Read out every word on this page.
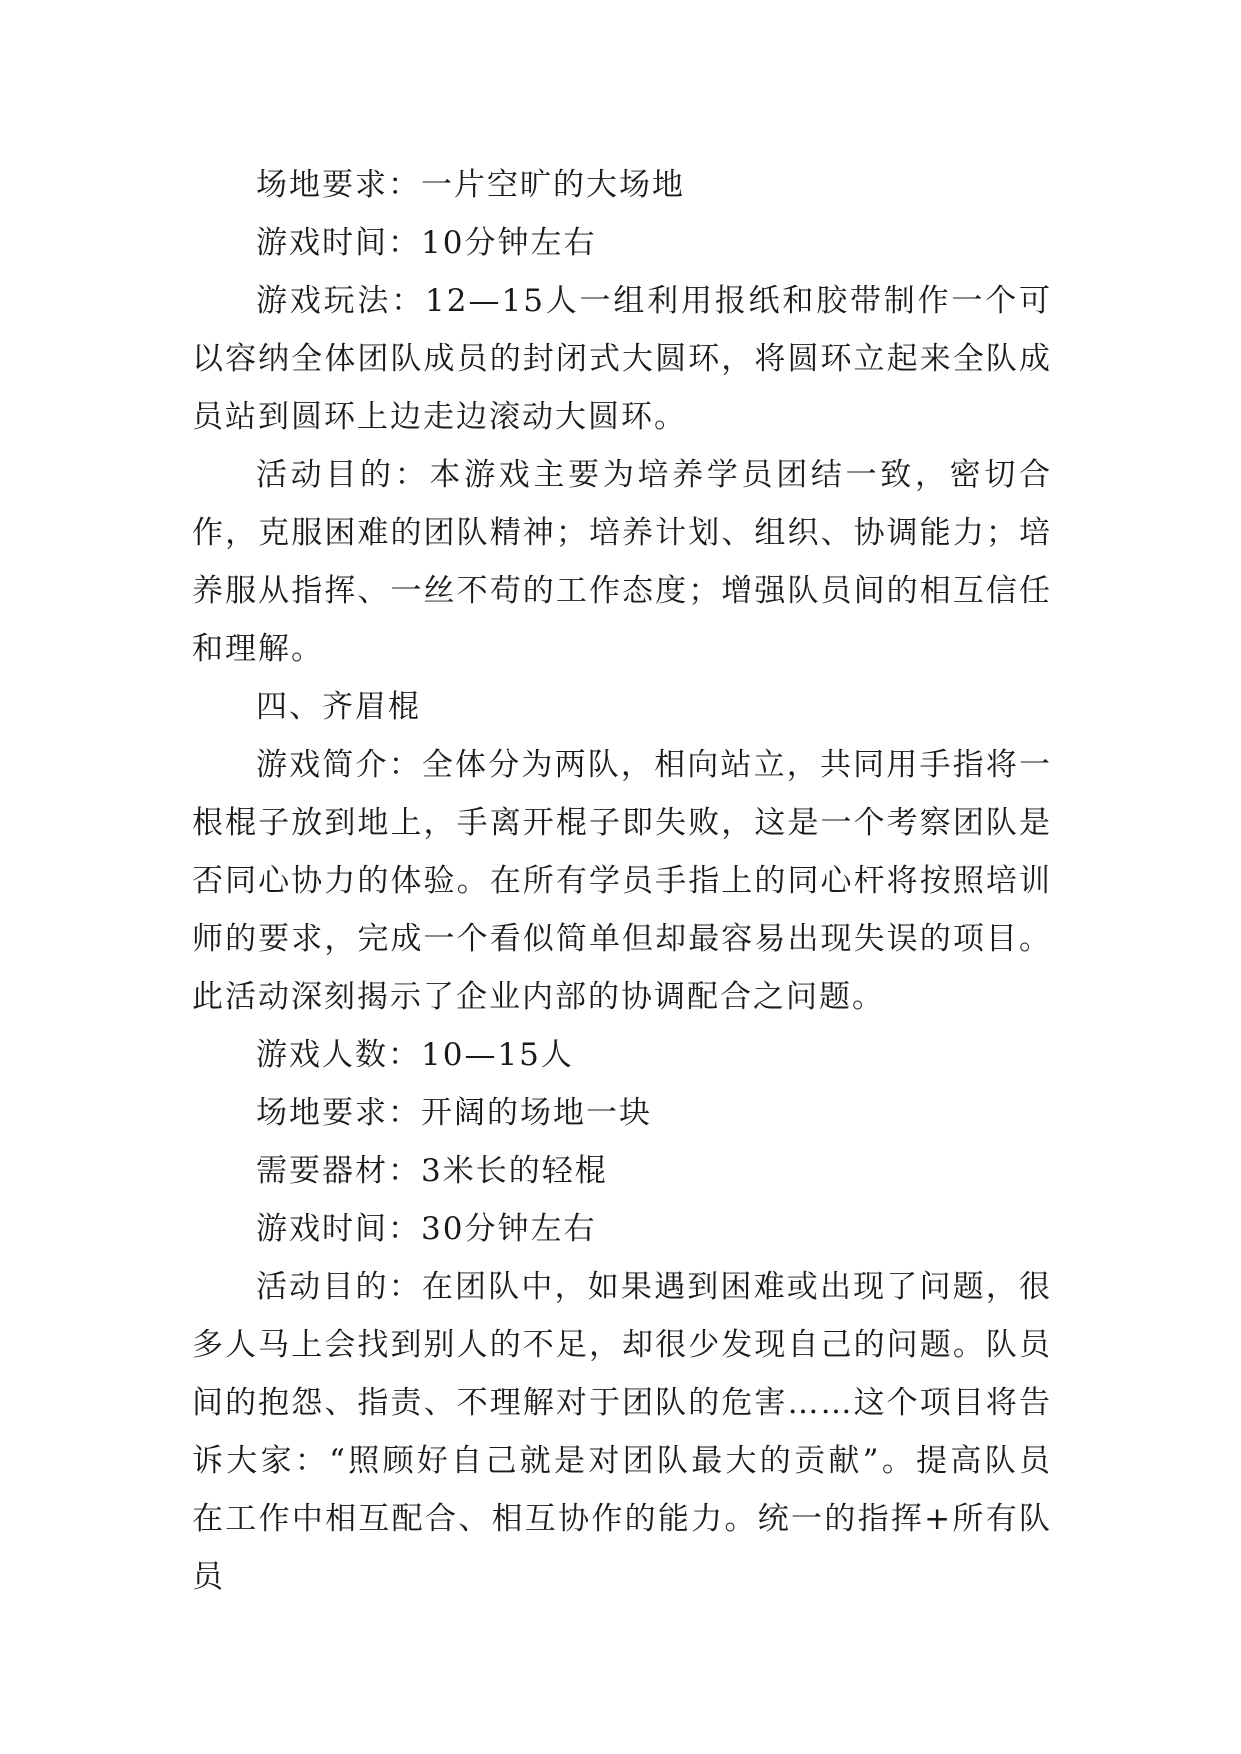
场地要求：一片空旷的大场地

游戏时间：10分钟左右

游戏玩法：12—15人一组利用报纸和胶带制作一个可以容纳全体团队成员的封闭式大圆环，将圆环立起来全队成员站到圆环上边走边滚动大圆环。

活动目的：本游戏主要为培养学员团结一致，密切合作，克服困难的团队精神；培养计划、组织、协调能力；培养服从指挥、一丝不苟的工作态度；增强队员间的相互信任和理解。

四、齐眉棍

游戏简介：全体分为两队，相向站立，共同用手指将一根棍子放到地上，手离开棍子即失败，这是一个考察团队是否同心协力的体验。在所有学员手指上的同心杆将按照培训师的要求，完成一个看似简单但却最容易出现失误的项目。此活动深刻揭示了企业内部的协调配合之问题。

游戏人数：10—15人

场地要求：开阔的场地一块

需要器材：3米长的轻棍

游戏时间：30分钟左右

活动目的：在团队中，如果遇到困难或出现了问题，很多人马上会找到别人的不足，却很少发现自己的问题。队员间的抱怨、指责、不理解对于团队的危害……这个项目将告诉大家：“照顾好自己就是对团队最大的贡献”。提高队员在工作中相互配合、相互协作的能力。统一的指挥+所有队员
